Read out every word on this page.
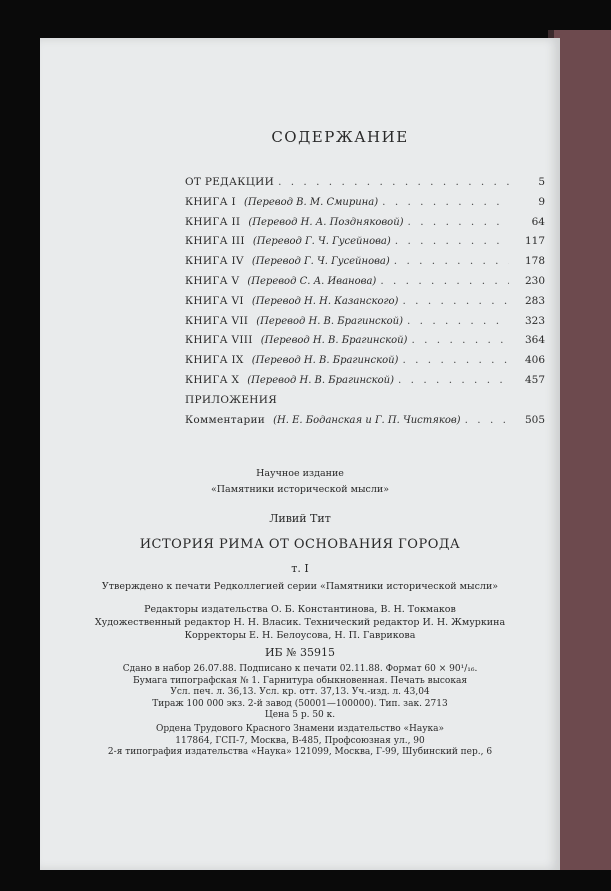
СОДЕРЖАНИЕ
ОТ РЕДАКЦИИ . . .	5
КНИГА I (Перевод В. М. Смирина) . . .	9
КНИГА II (Перевод Н. А. Поздняковой) . . .	64
КНИГА III (Перевод Г. Ч. Гусейнова) . . .	117
КНИГА IV (Перевод Г. Ч. Гусейнова) . . .	178
КНИГА V (Перевод С. А. Иванова) . . .	230
КНИГА VI (Перевод Н. Н. Казанского) . . .	283
КНИГА VII (Перевод Н. В. Брагинской) . . .	323
КНИГА VIII (Перевод Н. В. Брагинской) . . .	364
КНИГА IX (Перевод Н. В. Брагинской) . . .	406
КНИГА X (Перевод Н. В. Брагинской) . . .	457
ПРИЛОЖЕНИЯ
Комментарии (Н. Е. Боданская и Г. П. Чистяков) . . .	505
Научное издание
«Памятники исторической мысли»
Ливий Тит
ИСТОРИЯ РИМА ОТ ОСНОВАНИЯ ГОРОДА
т. I
Утверждено к печати Редколлегией серии «Памятники исторической мысли»
Редакторы издательства О. Б. Константинова, В. Н. Токмаков
Художественный редактор Н. Н. Власик. Технический редактор И. Н. Жмуркина
Корректоры Е. Н. Белоусова, Н. П. Гаврикова
ИБ № 35915
Сдано в набор 26.07.88. Подписано к печати 02.11.88. Формат 60 × 90¹/₁₆.
Бумага типографская № 1. Гарнитура обыкновенная. Печать высокая
Усл. печ. л. 36,13. Усл. кр. отт. 37,13. Уч.-изд. л. 43,04
Тираж 100 000 экз. 2-й завод (50001—100000). Тип. зак. 2713
Цена 5 р. 50 к.
Ордена Трудового Красного Знамени издательство «Наука»
117864, ГСП-7, Москва, В-485, Профсоюзная ул., 90
2-я типография издательства «Наука» 121099, Москва, Г-99, Шубинский пер., 6
